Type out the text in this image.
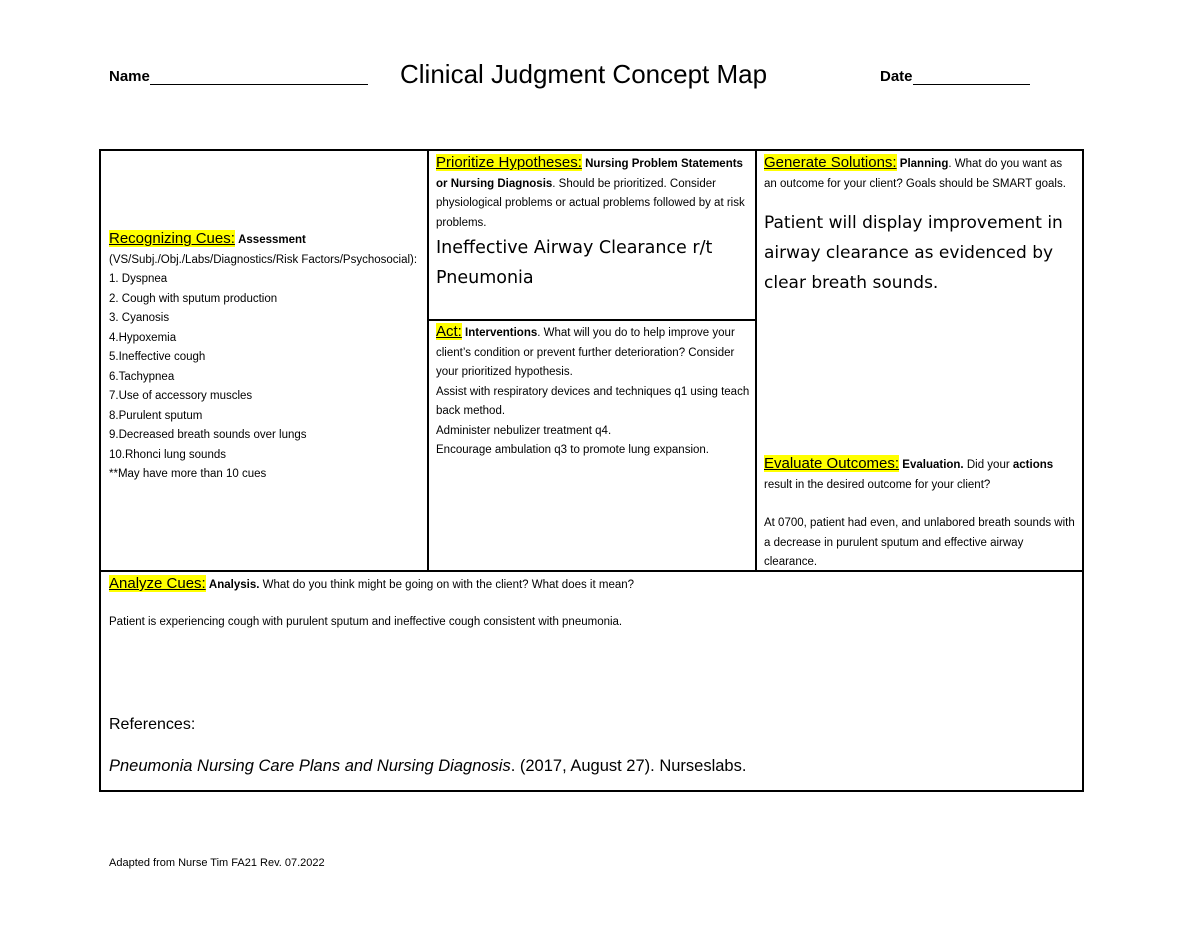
Name	Clinical Judgment Concept Map	Date
Recognizing Cues: Assessment
(VS/Subj./Obj./Labs/Diagnostics/Risk Factors/Psychosocial):
1. Dyspnea
2. Cough with sputum production
3. Cyanosis
4.Hypoxemia
5.Ineffective cough
6.Tachypnea
7.Use of accessory muscles
8.Purulent sputum
9.Decreased breath sounds over lungs
10.Rhonci lung sounds
**May have more than 10 cues
Prioritize Hypotheses: Nursing Problem Statements or Nursing Diagnosis. Should be prioritized. Consider physiological problems or actual problems followed by at risk problems.
Ineffective Airway Clearance r/t Pneumonia
Act: Interventions. What will you do to help improve your client’s condition or prevent further deterioration? Consider your prioritized hypothesis.
Assist with respiratory devices and techniques q1 using teach back method.
Administer nebulizer treatment q4.
Encourage ambulation q3 to promote lung expansion.
Generate Solutions: Planning. What do you want as an outcome for your client? Goals should be SMART goals.
Patient will display improvement in airway clearance as evidenced by clear breath sounds.
Evaluate Outcomes: Evaluation. Did your actions result in the desired outcome for your client?
At 0700, patient had even, and unlabored breath sounds with a decrease in purulent sputum and effective airway clearance.
Analyze Cues: Analysis. What do you think might be going on with the client? What does it mean?
Patient is experiencing cough with purulent sputum and ineffective cough consistent with pneumonia.
References:
Pneumonia Nursing Care Plans and Nursing Diagnosis. (2017, August 27). Nurseslabs.
Adapted from Nurse Tim FA21 Rev. 07.2022
